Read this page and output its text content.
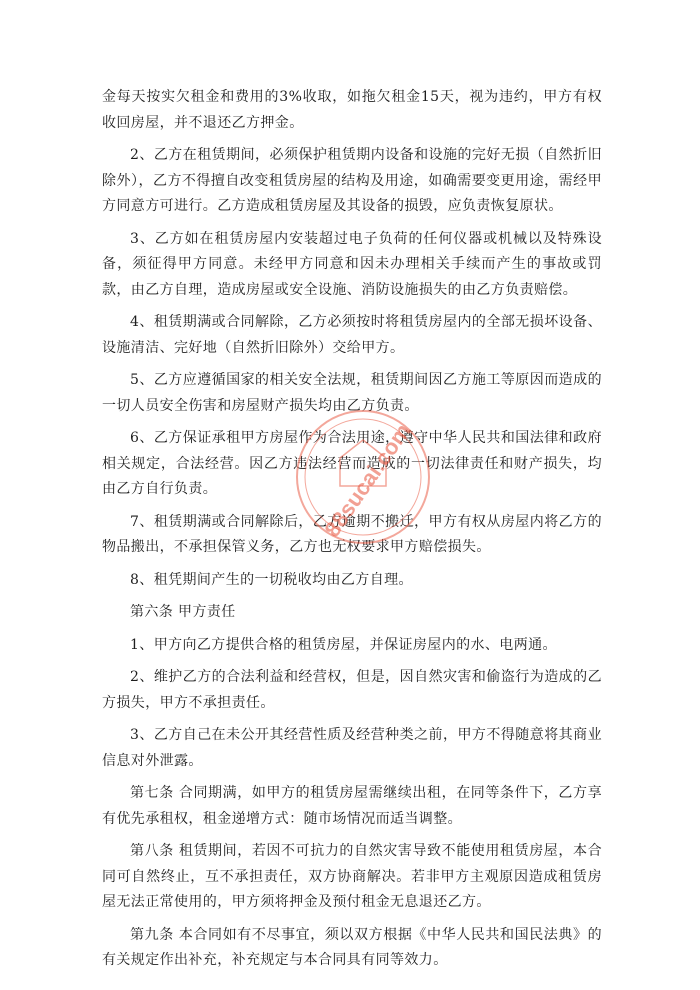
金每天按实欠租金和费用的3%收取，如拖欠租金15天，视为违约，甲方有权收回房屋，并不退还乙方押金。

2、乙方在租赁期间，必须保护租赁期内设备和设施的完好无损（自然折旧除外），乙方不得擅自改变租赁房屋的结构及用途，如确需要变更用途，需经甲方同意方可进行。乙方造成租赁房屋及其设备的损毁，应负责恢复原状。

3、乙方如在租赁房屋内安装超过电子负荷的任何仪器或机械以及特殊设备，须征得甲方同意。未经甲方同意和因未办理相关手续而产生的事故或罚款，由乙方自理，造成房屋或安全设施、消防设施损失的由乙方负责赔偿。

4、租赁期满或合同解除，乙方必须按时将租赁房屋内的全部无损坏设备、设施清洁、完好地（自然折旧除外）交给甲方。

5、乙方应遵循国家的相关安全法规，租赁期间因乙方施工等原因而造成的一切人员安全伤害和房屋财产损失均由乙方负责。

6、乙方保证承租甲方房屋作为合法用途，遵守中华人民共和国法律和政府相关规定，合法经营。因乙方违法经营而造成的一切法律责任和财产损失，均由乙方自行负责。

7、租赁期满或合同解除后，乙方逾期不搬迁，甲方有权从房屋内将乙方的物品搬出，不承担保管义务，乙方也无权要求甲方赔偿损失。

8、租凭期间产生的一切税收均由乙方自理。

第六条 甲方责任

1、甲方向乙方提供合格的租赁房屋，并保证房屋内的水、电两通。

2、维护乙方的合法利益和经营权，但是，因自然灾害和偷盗行为造成的乙方损失，甲方不承担责任。

3、乙方自己在未公开其经营性质及经营种类之前，甲方不得随意将其商业信息对外泄露。

第七条 合同期满，如甲方的租赁房屋需继续出租，在同等条件下，乙方享有优先承租权，租金递增方式：随市场情况而适当调整。

第八条 租赁期间，若因不可抗力的自然灾害导致不能使用租赁房屋，本合同可自然终止，互不承担责任，双方协商解决。若非甲方主观原因造成租赁房屋无法正常使用的，甲方须将押金及预付租金无息退还乙方。

第九条 本合同如有不尽事宜，须以双方根据《中华人民共和国民法典》的有关规定作出补充，补充规定与本合同具有同等效力。

88sucai.com
